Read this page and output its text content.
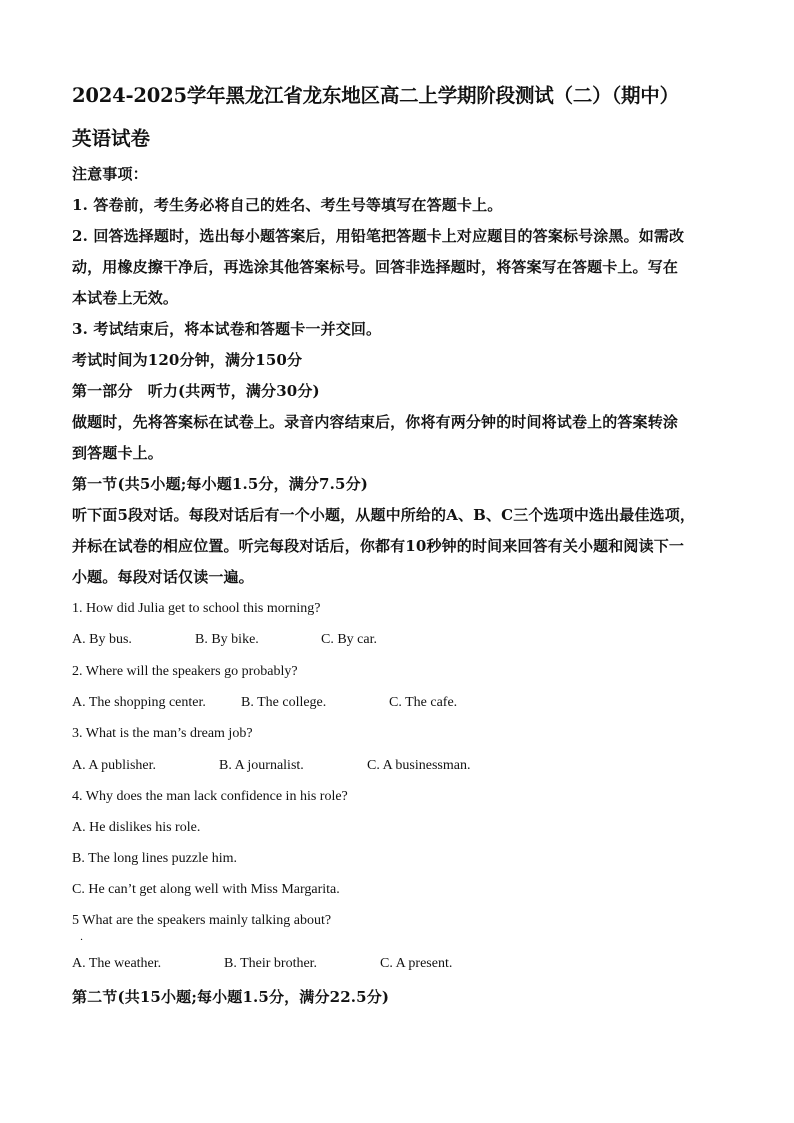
2024-2025学年黑龙江省龙东地区高二上学期阶段测试（二）（期中）
英语试卷
注意事项：
1. 答卷前，考生务必将自己的姓名、考生号等填写在答题卡上。
2. 回答选择题时，选出每小题答案后，用铅笔把答题卡上对应题目的答案标号涂黑。如需改
动，用橡皮擦干净后，再选涂其他答案标号。回答非选择题时，将答案写在答题卡上。写在
本试卷上无效。
3. 考试结束后，将本试卷和答题卡一并交回。
考试时间为120分钟，满分150分
第一部分　听力(共两节，满分30分)
做题时，先将答案标在试卷上。录音内容结束后，你将有两分钟的时间将试卷上的答案转涂
到答题卡上。
第一节(共5小题;每小题1.5分，满分7.5分)
听下面5段对话。每段对话后有一个小题，从题中所给的A、B、C三个选项中选出最佳选项，
并标在试卷的相应位置。听完每段对话后，你都有10秒钟的时间来回答有关小题和阅读下一
小题。每段对话仅读一遍。
1. How did Julia get to school this morning?
A. By bus.	B. By bike.	C. By car.
2. Where will the speakers go probably?
A. The shopping center.	B. The college.	C. The cafe.
3. What is the man’s dream job?
A. A publisher.	B. A journalist.	C. A businessman.
4. Why does the man lack confidence in his role?
A. He dislikes his role.
B. The long lines puzzle him.
C. He can’t get along well with Miss Margarita.
5 What are the speakers mainly talking about?
．
A. The weather.	B. Their brother.	C. A present.
第二节(共15小题;每小题1.5分，满分22.5分)
